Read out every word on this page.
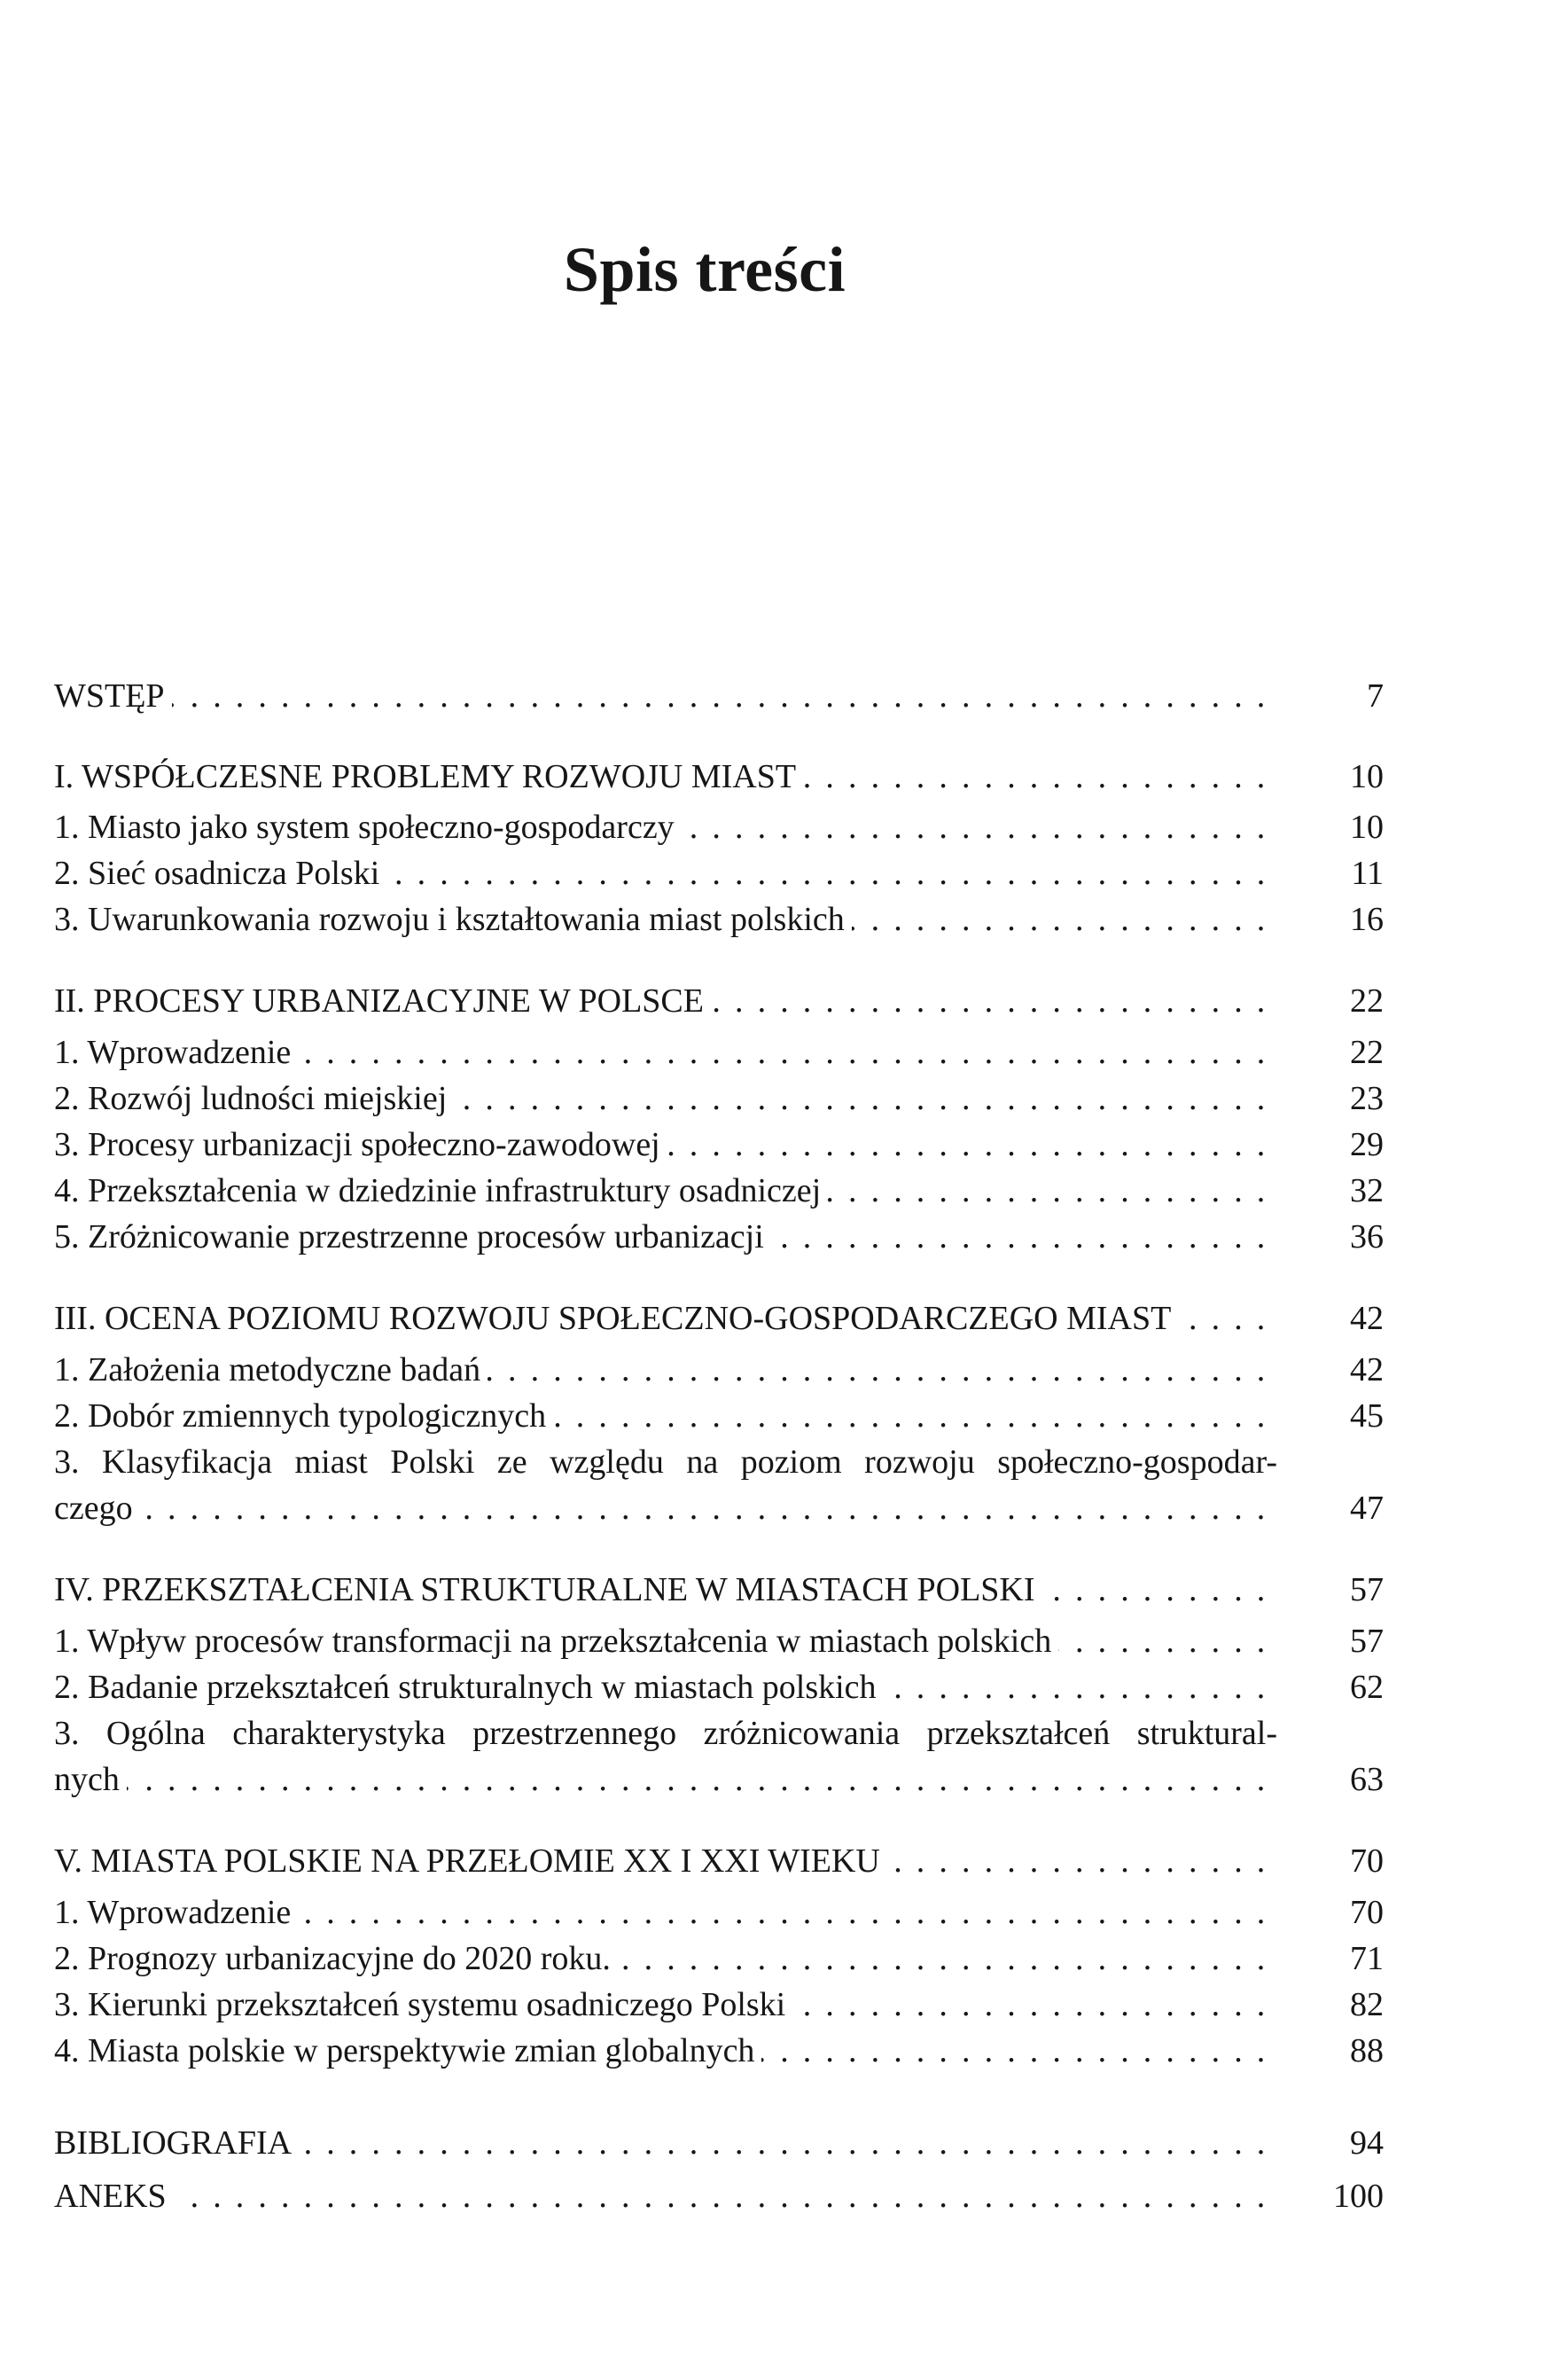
Spis treści
WSTĘP . . .	7
I. WSPÓŁCZESNE PROBLEMY ROZWOJU MIAST . . .	10
1. Miasto jako system społeczno-gospodarczy . . .	10
2. Sieć osadnicza Polski . . .	11
3. Uwarunkowania rozwoju i kształtowania miast polskich . . .	16
II. PROCESY URBANIZACYJNE W POLSCE . . .	22
1. Wprowadzenie . . .	22
2. Rozwój ludności miejskiej . . .	23
3. Procesy urbanizacji społeczno-zawodowej . . .	29
4. Przekształcenia w dziedzinie infrastruktury osadniczej . . .	32
5. Zróżnicowanie przestrzenne procesów urbanizacji . . .	36
III. OCENA POZIOMU ROZWOJU SPOŁECZNO-GOSPODARCZEGO MIAST . . .	42
1. Założenia metodyczne badań . . .	42
2. Dobór zmiennych typologicznych . . .	45
3. Klasyfikacja miast Polski ze względu na poziom rozwoju społeczno-gospodar-
czego . . .	47
IV. PRZEKSZTAŁCENIA STRUKTURALNE W MIASTACH POLSKI . . .	57
1. Wpływ procesów transformacji na przekształcenia w miastach polskich . . .	57
2. Badanie przekształceń strukturalnych w miastach polskich . . .	62
3. Ogólna charakterystyka przestrzennego zróżnicowania przekształceń struktural-
nych . . .	63
V. MIASTA POLSKIE NA PRZEŁOMIE XX I XXI WIEKU . . .	70
1. Wprowadzenie . . .	70
2. Prognozy urbanizacyjne do 2020 roku. . . .	71
3. Kierunki przekształceń systemu osadniczego Polski . . .	82
4. Miasta polskie w perspektywie zmian globalnych . . .	88
BIBLIOGRAFIA . . .	94
ANEKS . . .	100
